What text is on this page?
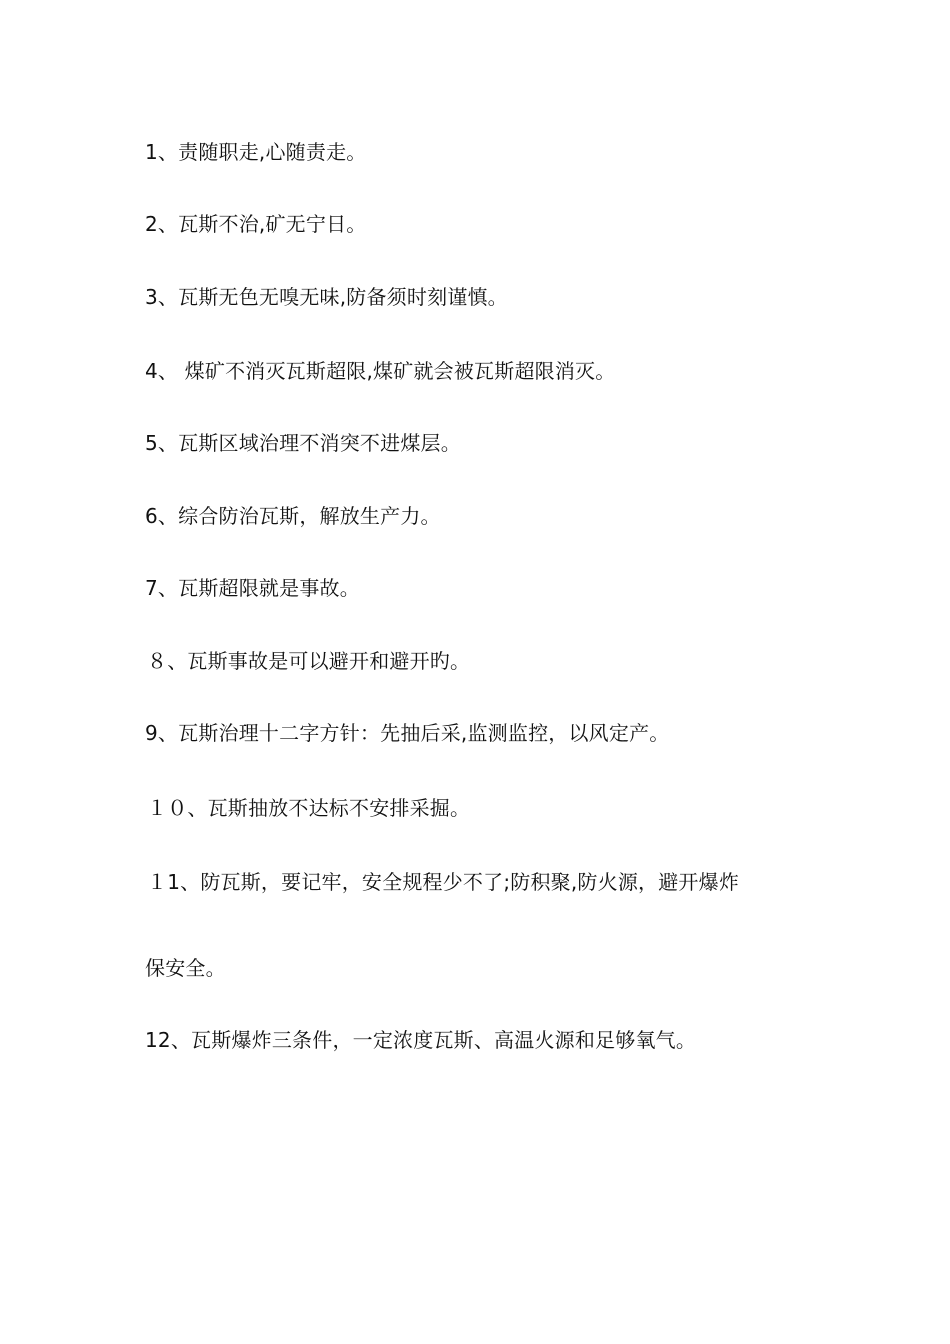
1、责随职走,心随责走。
2、瓦斯不治,矿无宁日。
3、瓦斯无色无嗅无味,防备须时刻谨慎。
4、 煤矿不消灭瓦斯超限,煤矿就会被瓦斯超限消灭。
5、瓦斯区域治理不消突不进煤层。
6、综合防治瓦斯，解放生产力。
7、瓦斯超限就是事故。
８、瓦斯事故是可以避开和避开旳。
9、瓦斯治理十二字方针：先抽后采,监测监控，以风定产。
１０、瓦斯抽放不达标不安排采掘。
１1、防瓦斯，要记牢，安全规程少不了;防积聚,防火源，避开爆炸
保安全。
12、瓦斯爆炸三条件，一定浓度瓦斯、高温火源和足够氧气。
